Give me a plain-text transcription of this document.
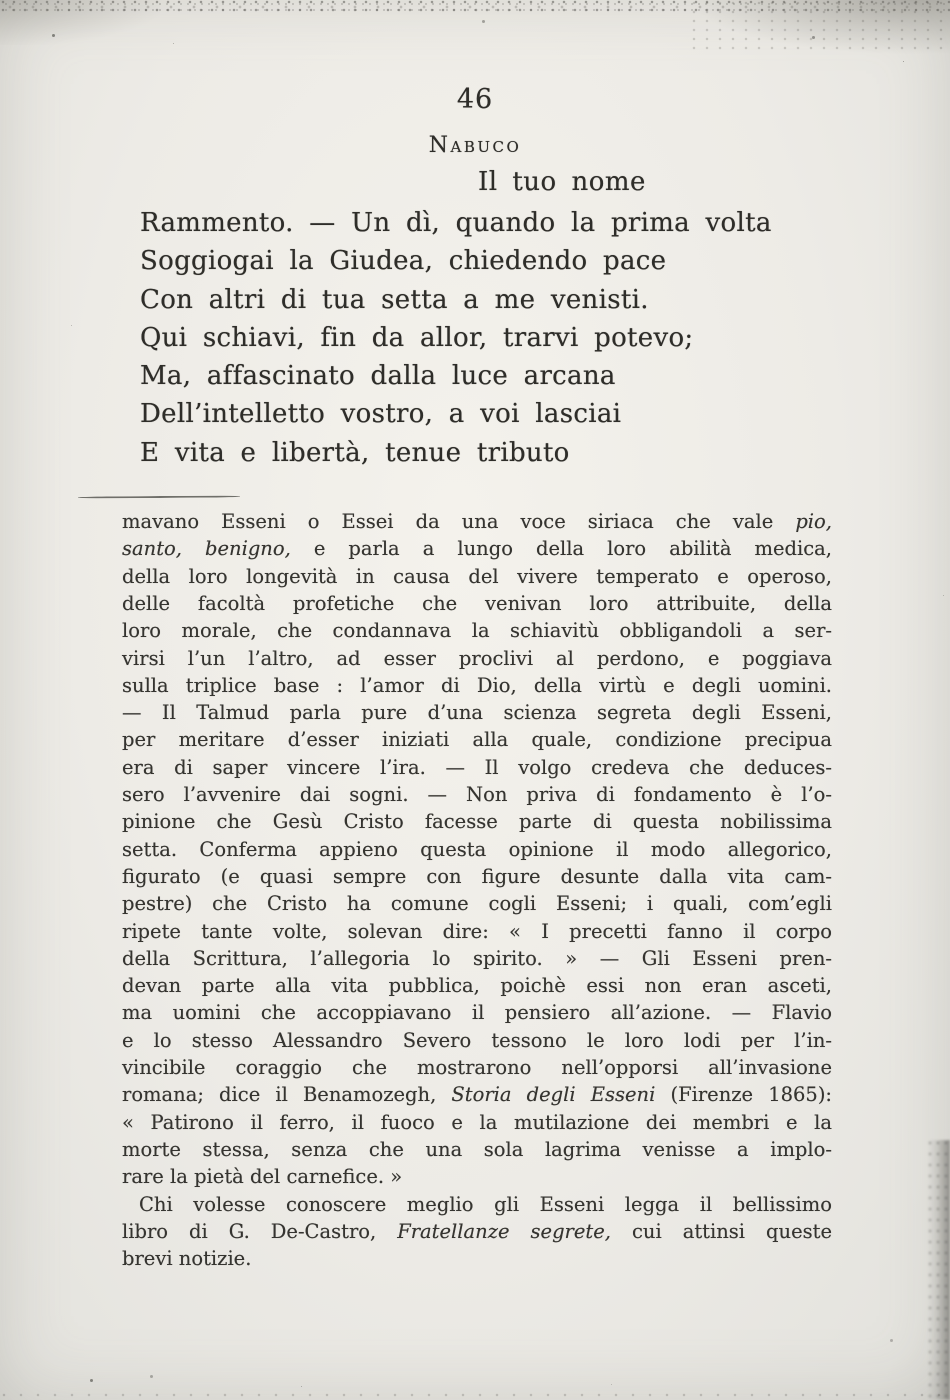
46
Nabuco
Il tuo nome
Rammento. — Un dì, quando la prima volta
Soggiogai la Giudea, chiedendo pace
Con altri di tua setta a me venisti.
Qui schiavi, fin da allor, trarvi potevo;
Ma, affascinato dalla luce arcana
Dell’intelletto vostro, a voi lasciai
E vita e libertà, tenue tributo
mavano Esseni o Essei da una voce siriaca che vale pio,
santo, benigno, e parla a lungo della loro abilità medica,
della loro longevità in causa del vivere temperato e operoso,
delle facoltà profetiche che venivan loro attribuite, della
loro morale, che condannava la schiavitù obbligandoli a ser-
virsi l’un l’altro, ad esser proclivi al perdono, e poggiava
sulla triplice base : l’amor di Dio, della virtù e degli uomini.
— Il Talmud parla pure d’una scienza segreta degli Esseni,
per meritare d’esser iniziati alla quale, condizione precipua
era di saper vincere l’ira. — Il volgo credeva che deduces-
sero l’avvenire dai sogni. — Non priva di fondamento è l’o-
pinione che Gesù Cristo facesse parte di questa nobilissima
setta. Conferma appieno questa opinione il modo allegorico,
figurato (e quasi sempre con figure desunte dalla vita cam-
pestre) che Cristo ha comune cogli Esseni; i quali, com’egli
ripete tante volte, solevan dire: « I precetti fanno il corpo
della Scrittura, l’allegoria lo spirito. » — Gli Esseni pren-
devan parte alla vita pubblica, poichè essi non eran asceti,
ma uomini che accoppiavano il pensiero all’azione. — Flavio
e lo stesso Alessandro Severo tessono le loro lodi per l’in-
vincibile coraggio che mostrarono nell’opporsi all’invasione
romana; dice il Benamozegh, Storia degli Esseni (Firenze 1865):
« Patirono il ferro, il fuoco e la mutilazione dei membri e la
morte stessa, senza che una sola lagrima venisse a implo-
rare la pietà del carnefice. »
Chi volesse conoscere meglio gli Esseni legga il bellissimo
libro di G. De-Castro, Fratellanze segrete, cui attinsi queste
brevi notizie.
